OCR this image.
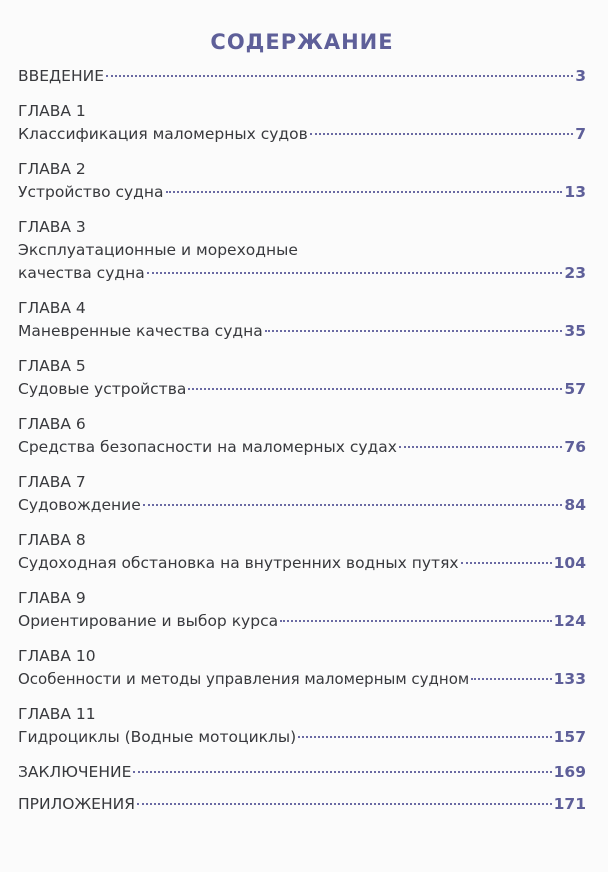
СОДЕРЖАНИЕ
ВВЕДЕНИЕ	3
ГЛАВА 1
Классификация маломерных судов	7
ГЛАВА 2
Устройство судна	13
ГЛАВА 3
Эксплуатационные и мореходные
качества судна	23
ГЛАВА 4
Маневренные качества судна	35
ГЛАВА 5
Судовые устройства	57
ГЛАВА 6
Средства безопасности на маломерных судах	76
ГЛАВА 7
Судовождение	84
ГЛАВА 8
Судоходная обстановка на внутренних водных путях	104
ГЛАВА 9
Ориентирование и выбор курса	124
ГЛАВА 10
Особенности и методы управления маломерным судном	133
ГЛАВА 11
Гидроциклы (Водные мотоциклы)	157
ЗАКЛЮЧЕНИЕ	169
ПРИЛОЖЕНИЯ	171
